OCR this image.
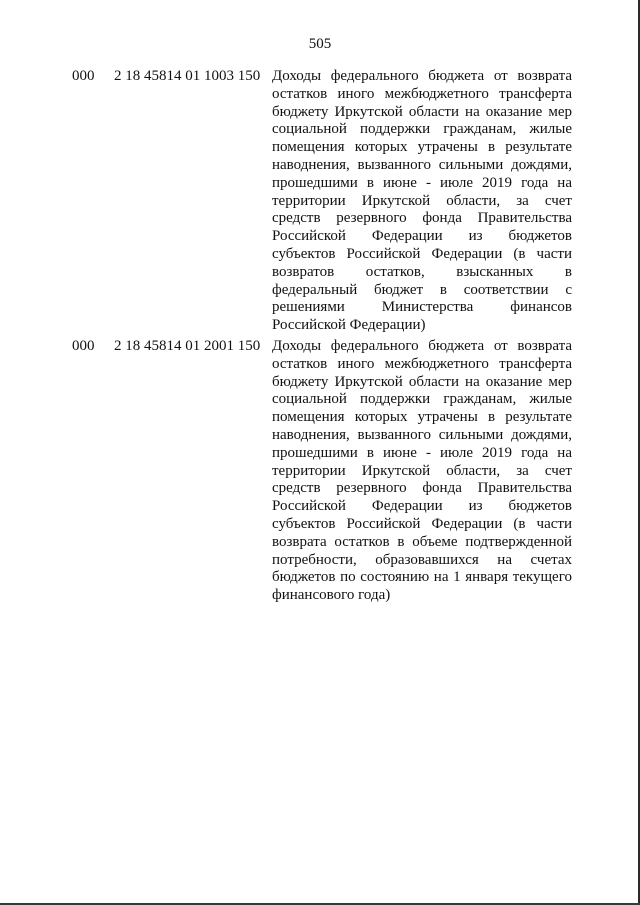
505
000 2 18 45814 01 1003 150 Доходы федерального бюджета от возврата остатков иного межбюджетного трансферта бюджету Иркутской области на оказание мер социальной поддержки гражданам, жилые помещения которых утрачены в результате наводнения, вызванного сильными дождями, прошедшими в июне - июле 2019 года на территории Иркутской области, за счет средств резервного фонда Правительства Российской Федерации из бюджетов субъектов Российской Федерации (в части возвратов остатков, взысканных в федеральный бюджет в соответствии с решениями Министерства финансов Российской Федерации)
000 2 18 45814 01 2001 150 Доходы федерального бюджета от возврата остатков иного межбюджетного трансферта бюджету Иркутской области на оказание мер социальной поддержки гражданам, жилые помещения которых утрачены в результате наводнения, вызванного сильными дождями, прошедшими в июне - июле 2019 года на территории Иркутской области, за счет средств резервного фонда Правительства Российской Федерации из бюджетов субъектов Российской Федерации (в части возврата остатков в объеме подтвержденной потребности, образовавшихся на счетах бюджетов по состоянию на 1 января текущего финансового года)
